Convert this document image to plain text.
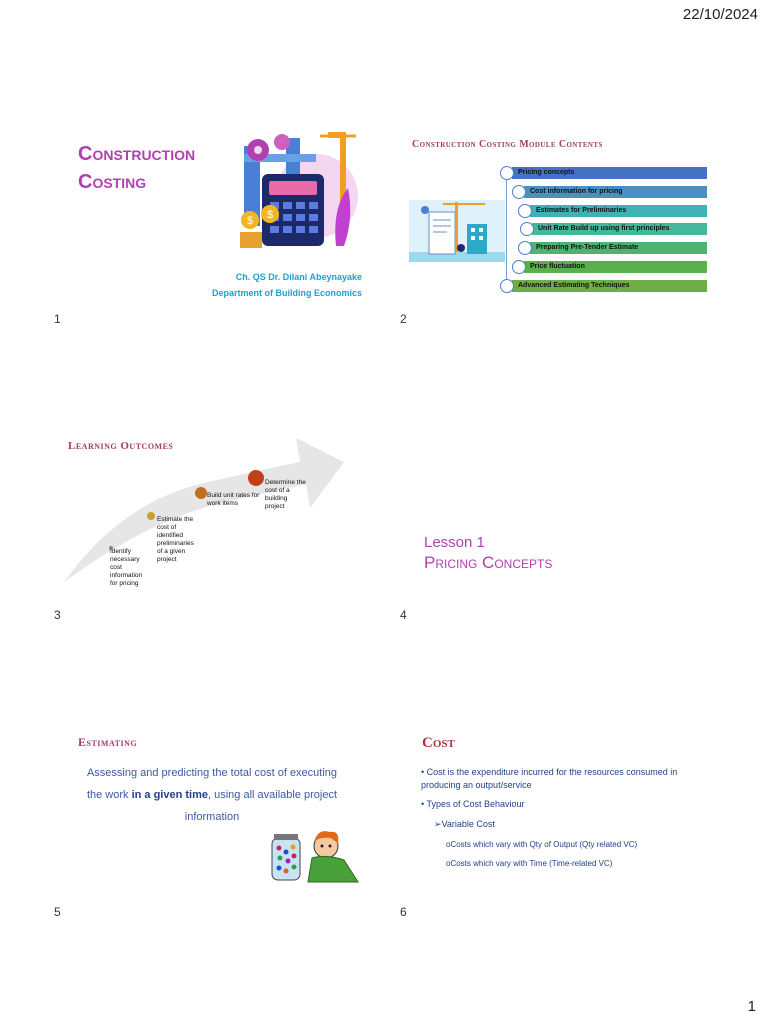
22/10/2024
1
Construction
Costing
$ $
Ch. QS Dr. Dilani Abeynayake
Department of Building Economics
1
Construction Costing Module Contents
Pricing concepts
Cost information for pricing
Estimates for Preliminaries
Unit Rate Build up using first principles
Preparing Pre-Tender Estimate
Price fluctuation
Advanced Estimating Techniques
2
Learning Outcomes
Identify necessary cost information for pricing
Estimate the cost of identified preliminaries of a given project
Build unit rates for work items
Determine the cost of a building project
3
Lesson 1
Pricing Concepts
4
Estimating
Assessing and predicting the total cost of executing the work in a given time, using all available project information
5
Cost
• Cost is the expenditure incurred for the resources consumed in producing an output/service
• Types of Cost Behaviour
➢Variable Cost
oCosts which vary with Qty of Output (Qty related VC)
oCosts which vary with Time (Time-related VC)
6
